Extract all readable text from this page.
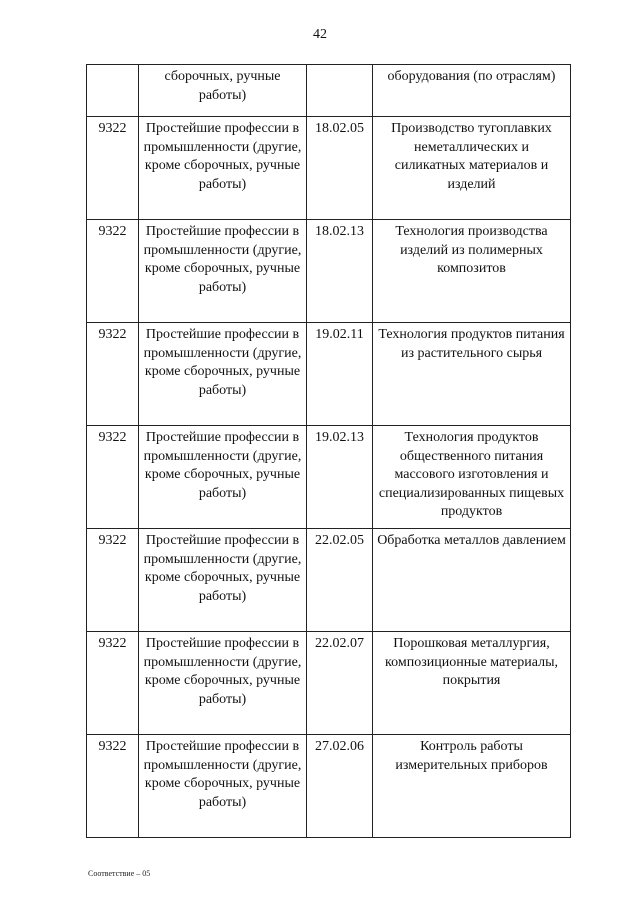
42
	сборочных, ручные работы)		оборудования (по отраслям)
9322	Простейшие профессии в промышленности (другие, кроме сборочных, ручные работы)	18.02.05	Производство тугоплавких неметаллических и силикатных материалов и изделий
9322	Простейшие профессии в промышленности (другие, кроме сборочных, ручные работы)	18.02.13	Технология производства изделий из полимерных композитов
9322	Простейшие профессии в промышленности (другие, кроме сборочных, ручные работы)	19.02.11	Технология продуктов питания из растительного сырья
9322	Простейшие профессии в промышленности (другие, кроме сборочных, ручные работы)	19.02.13	Технология продуктов общественного питания массового изготовления и специализированных пищевых продуктов
9322	Простейшие профессии в промышленности (другие, кроме сборочных, ручные работы)	22.02.05	Обработка металлов давлением
9322	Простейшие профессии в промышленности (другие, кроме сборочных, ручные работы)	22.02.07	Порошковая металлургия, композиционные материалы, покрытия
9322	Простейшие профессии в промышленности (другие, кроме сборочных, ручные работы)	27.02.06	Контроль работы измерительных приборов
Соответствие – 05
